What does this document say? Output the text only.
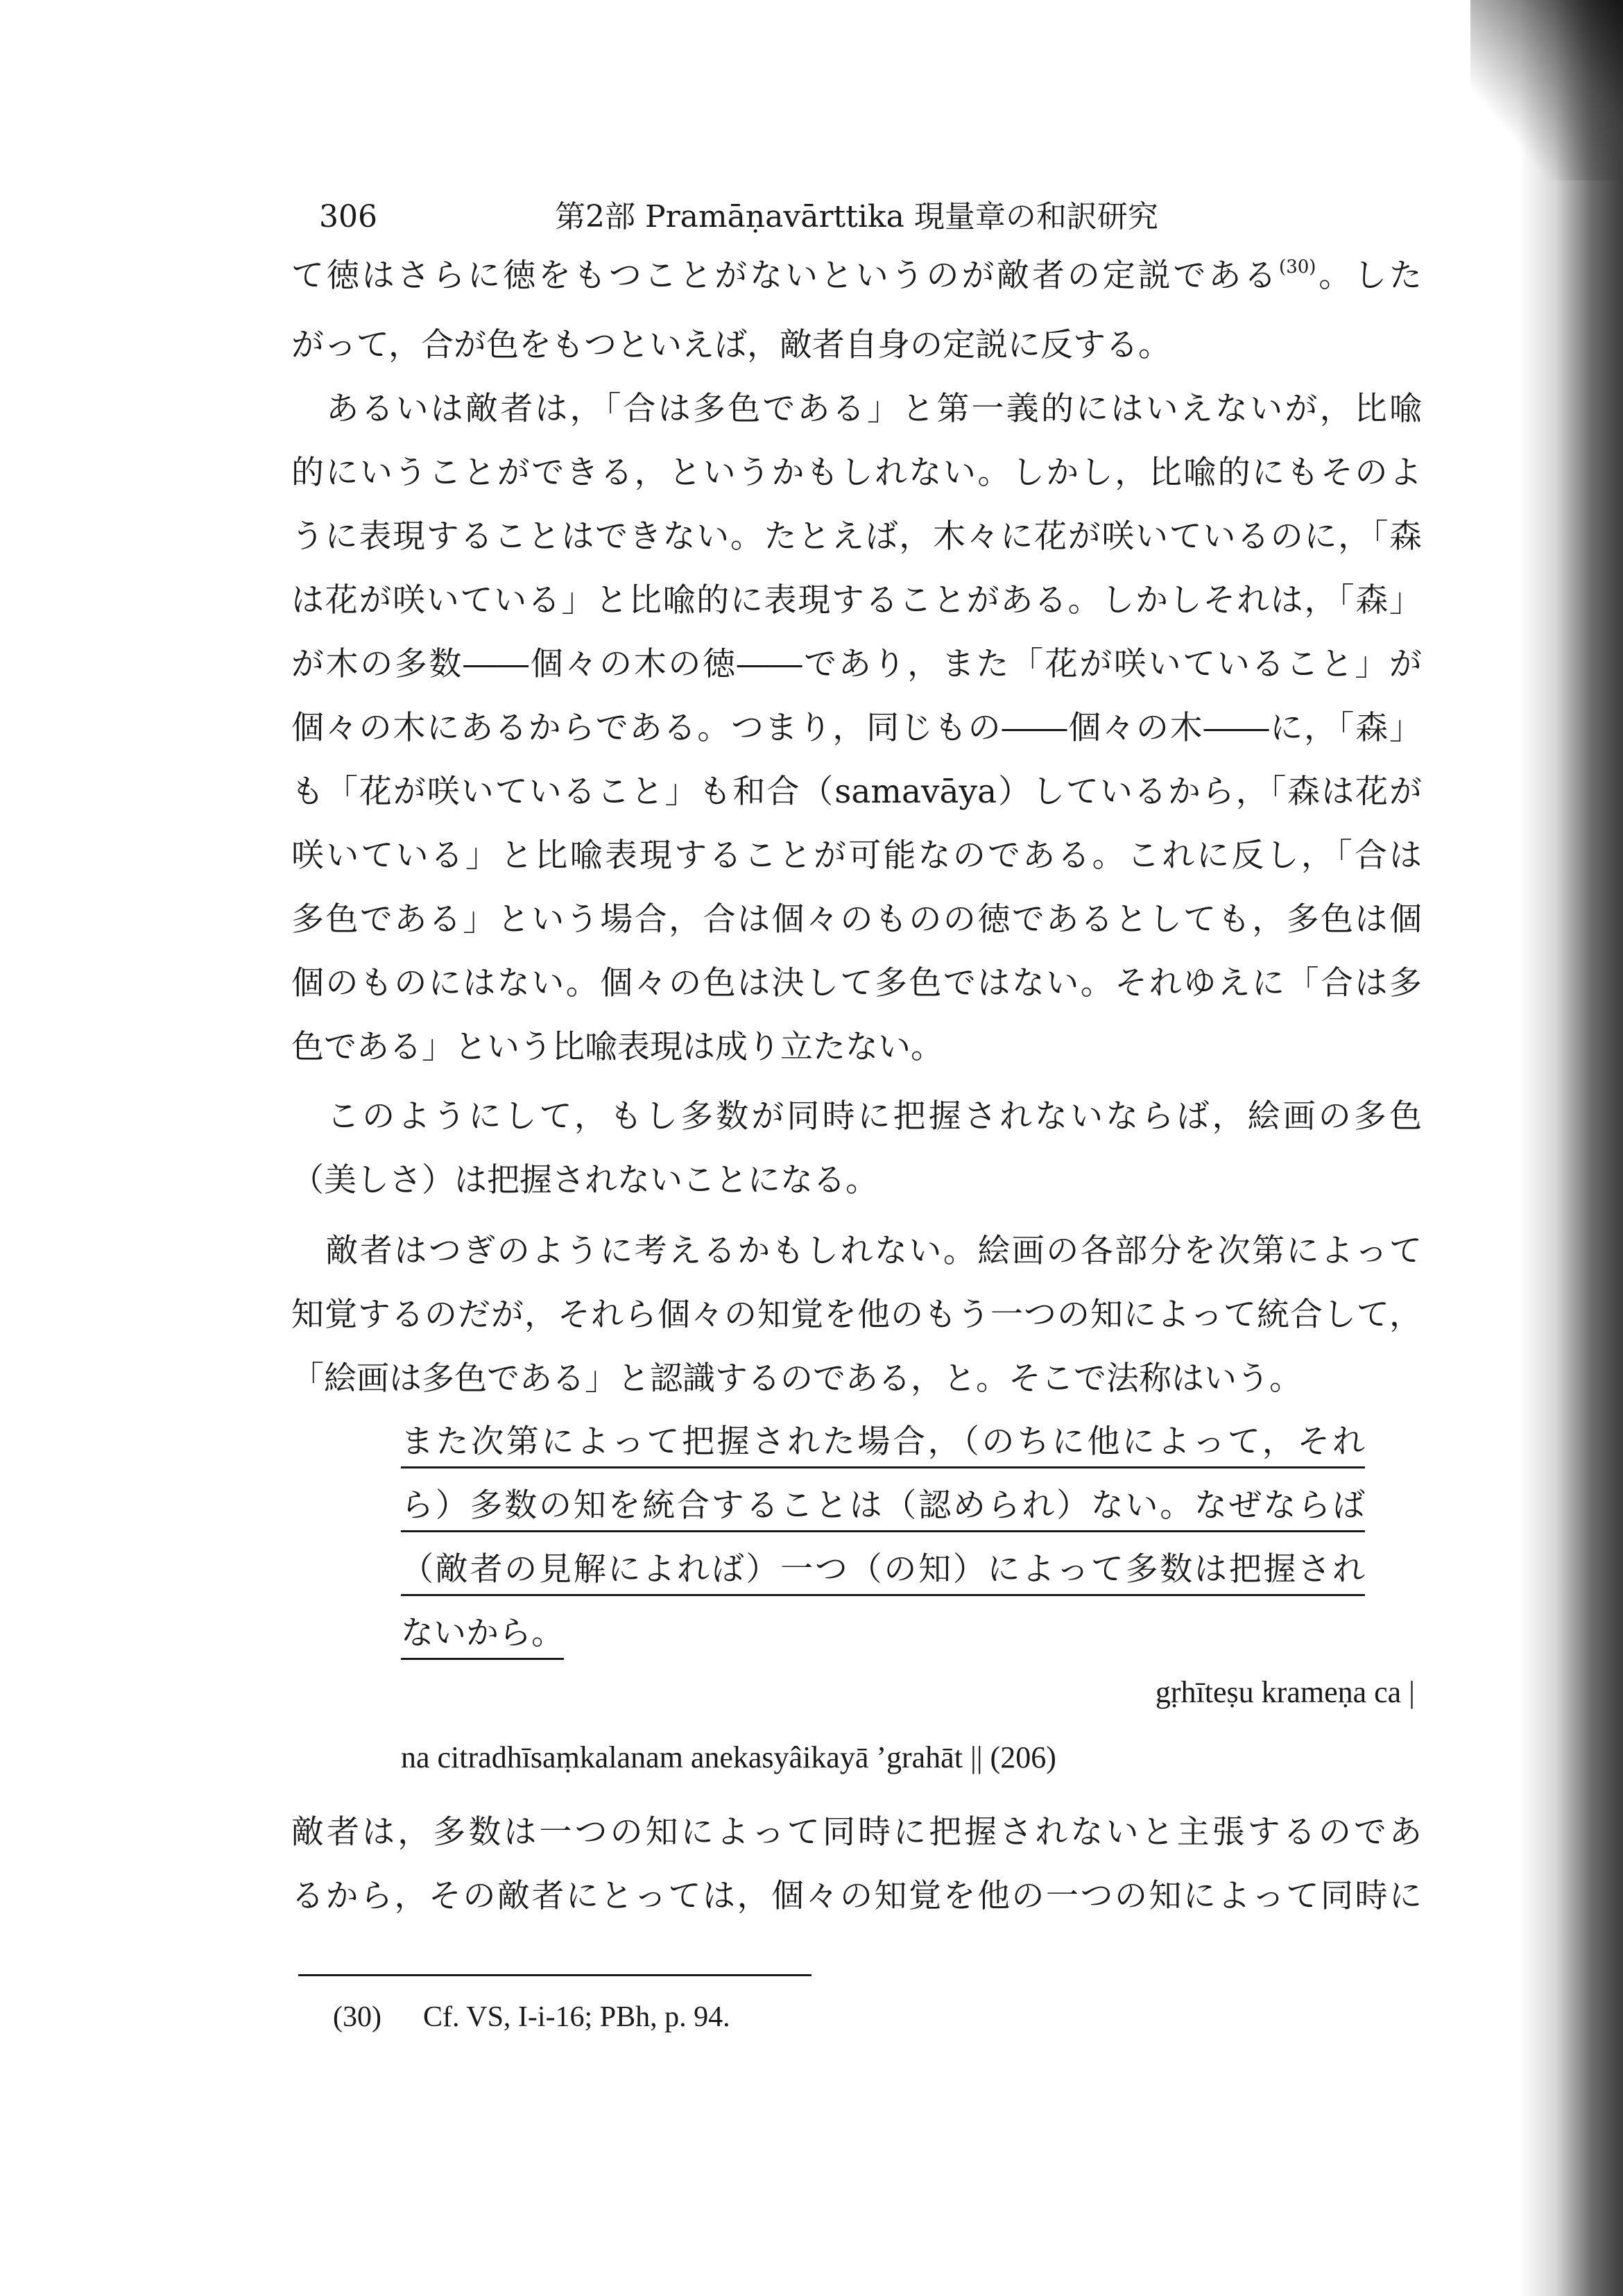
306	第2部 Pramāṇavārttika 現量章の和訳研究
て徳はさらに徳をもつことがないというのが敵者の定説である$^{(30)}$。した
がって，合が色をもつといえば，敵者自身の定説に反する。
　あるいは敵者は，「合は多色である」と第一義的にはいえないが，比喩
的にいうことができる，というかもしれない。しかし，比喩的にもそのよ
うに表現することはできない。たとえば，木々に花が咲いているのに，「森
は花が咲いている」と比喩的に表現することがある。しかしそれは，「森」
が木の多数――個々の木の徳――であり，また「花が咲いていること」が
個々の木にあるからである。つまり，同じもの――個々の木――に，「森」
も「花が咲いていること」も和合（samavāya）しているから，「森は花が
咲いている」と比喩表現することが可能なのである。これに反し，「合は
多色である」という場合，合は個々のものの徳であるとしても，多色は個
個のものにはない。個々の色は決して多色ではない。それゆえに「合は多
色である」という比喩表現は成り立たない。
　このようにして，もし多数が同時に把握されないならば，絵画の多色
（美しさ）は把握されないことになる。
　敵者はつぎのように考えるかもしれない。絵画の各部分を次第によって
知覚するのだが，それら個々の知覚を他のもう一つの知によって統合して，
「絵画は多色である」と認識するのである，と。そこで法称はいう。
また次第によって把握された場合，（のちに他によって，それ
ら）多数の知を統合することは（認められ）ない。なぜならば
（敵者の見解によれば）一つ（の知）によって多数は把握され
ないから。
gṛhīteṣu krameṇa ca |
na citradhīsaṃkalanam anekasyâikayā ’grahāt || (206)
敵者は，多数は一つの知によって同時に把握されないと主張するのであ
るから，その敵者にとっては，個々の知覚を他の一つの知によって同時に
(30) Cf. VS, I-i-16; PBh, p. 94.
